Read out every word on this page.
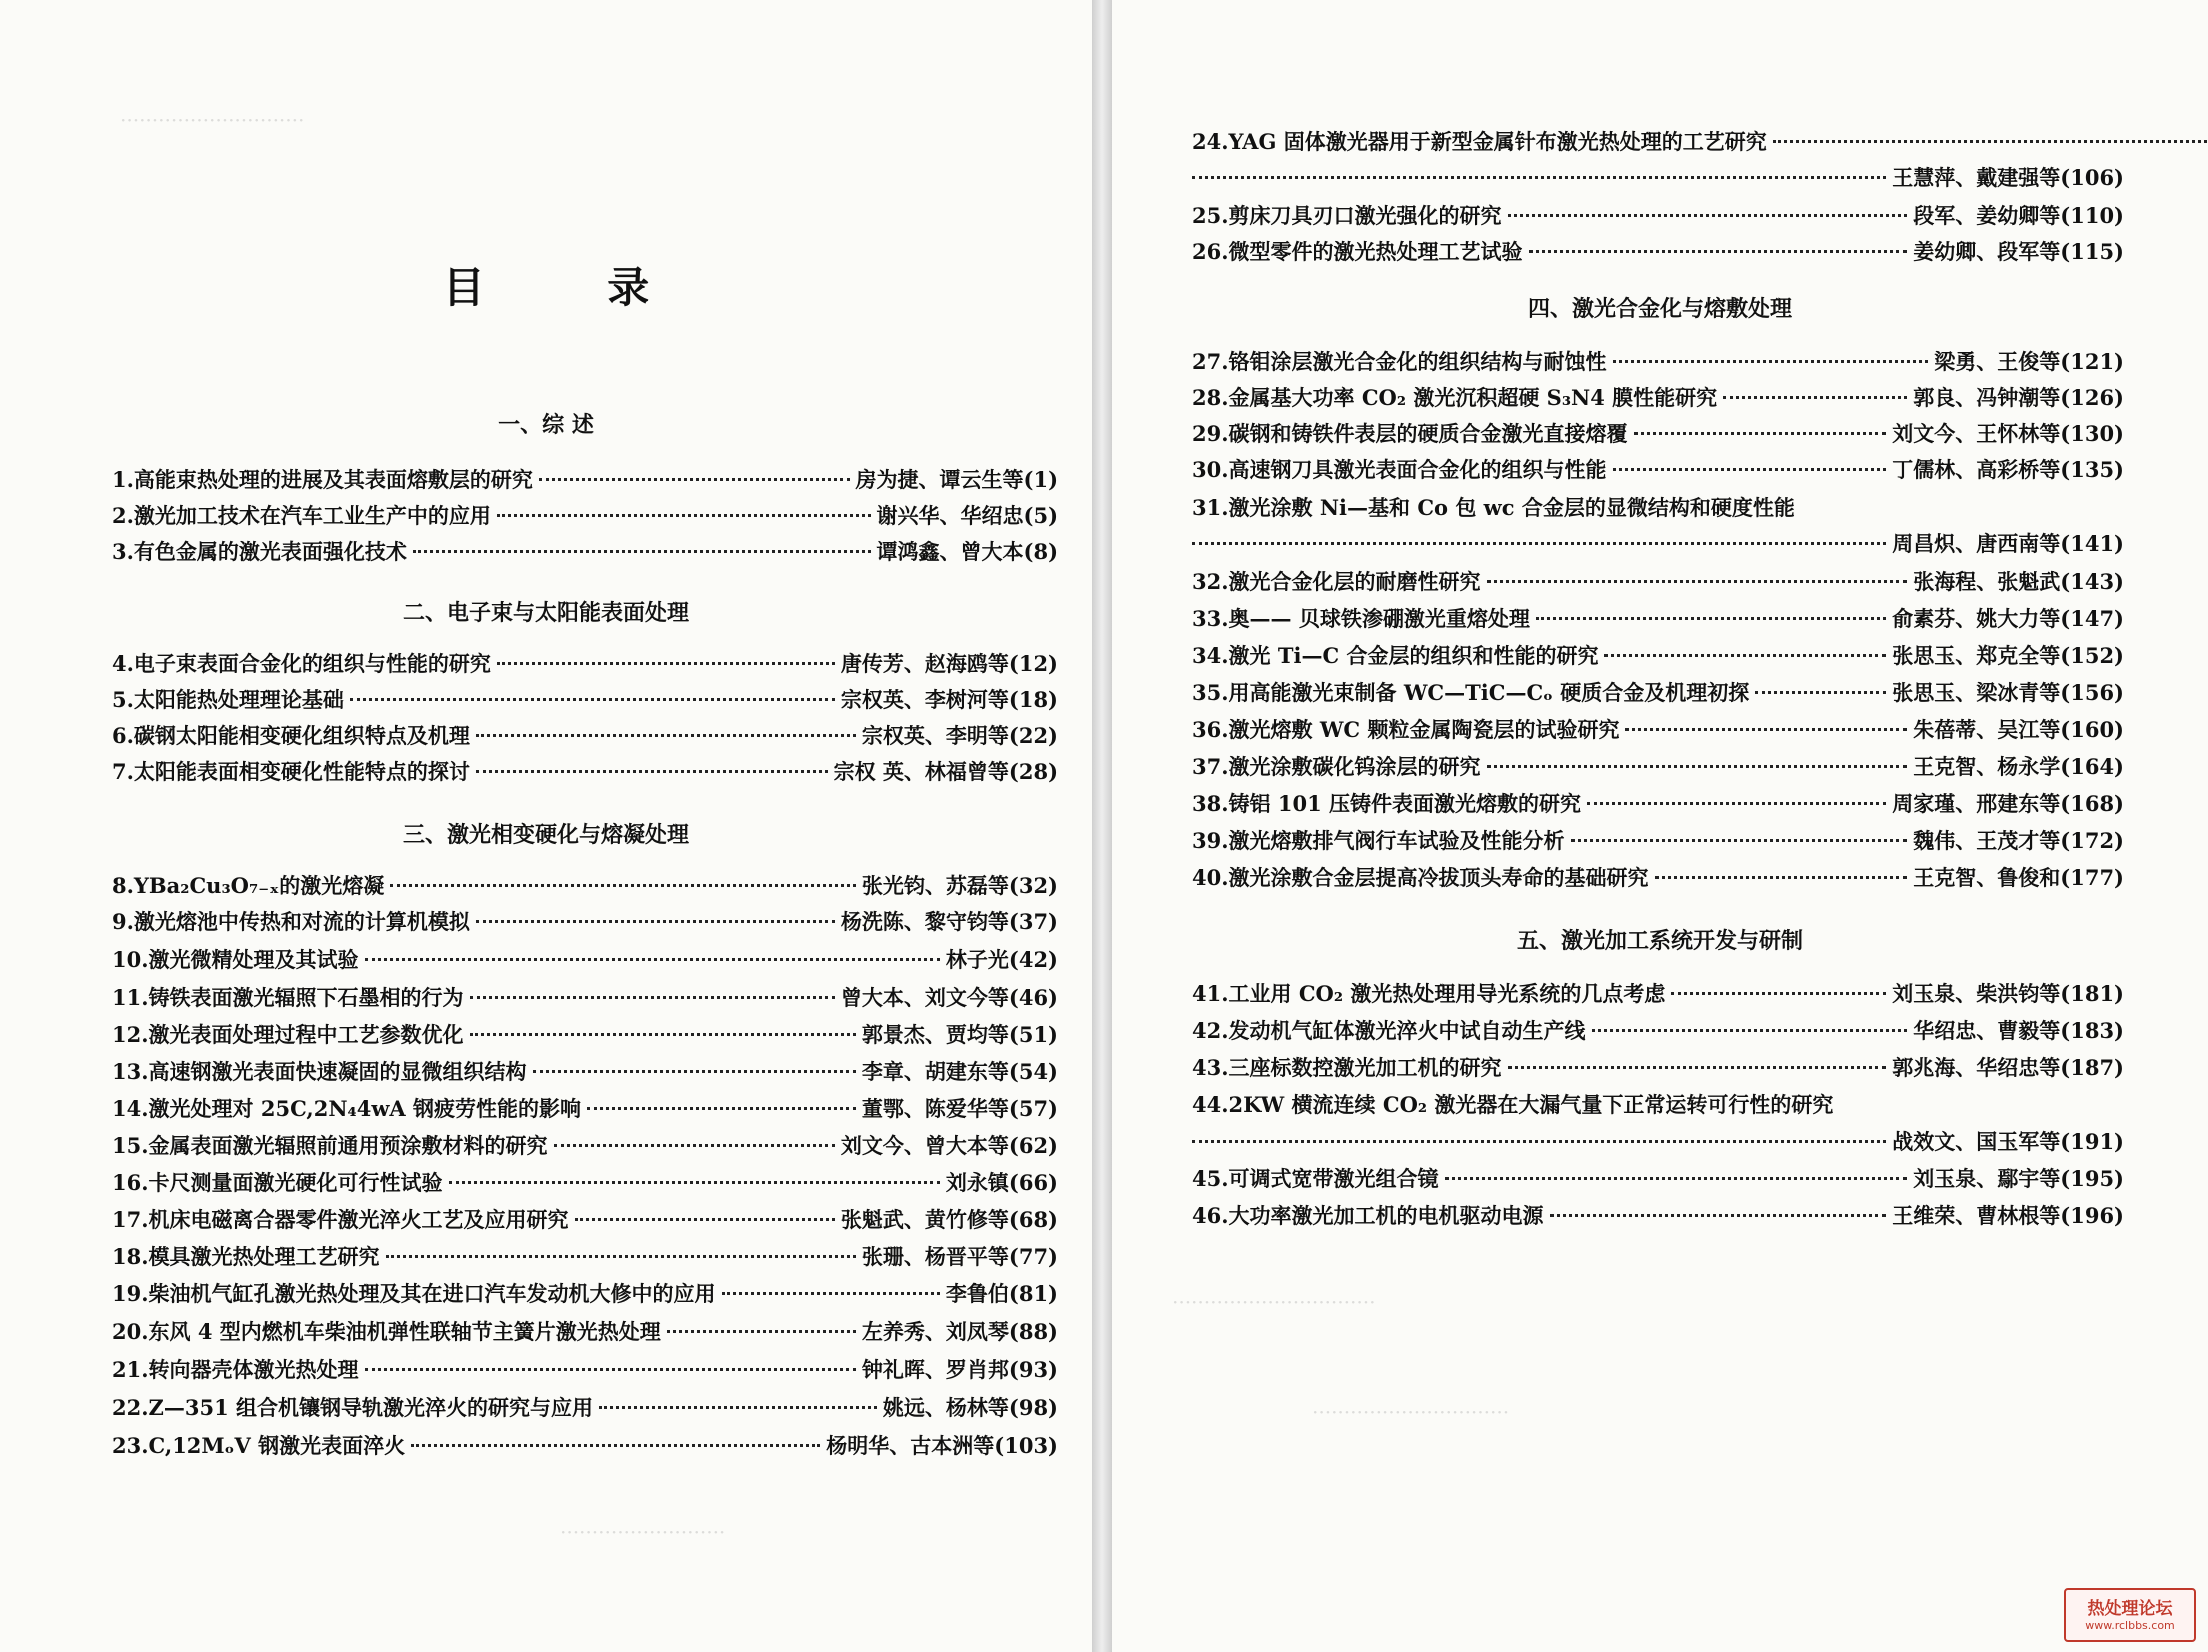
·····························
目 录
一、综 述
1.高能束热处理的进展及其表面熔敷层的研究	房为捷、谭云生等(1)
2.激光加工技术在汽车工业生产中的应用	谢兴华、华绍忠(5)
3.有色金属的激光表面强化技术	谭鸿鑫、曾大本(8)
二、电子束与太阳能表面处理
4.电子束表面合金化的组织与性能的研究	唐传芳、赵海鸥等(12)
5.太阳能热处理理论基础	宗权英、李树河等(18)
6.碳钢太阳能相变硬化组织特点及机理	宗权英、李明等(22)
7.太阳能表面相变硬化性能特点的探讨	宗权 英、林福曾等(28)
三、激光相变硬化与熔凝处理
8.YBa₂Cu₃O₇₋ₓ的激光熔凝	张光钧、苏磊等(32)
9.激光熔池中传热和对流的计算机模拟	杨洗陈、黎守钧等(37)
10.激光微精处理及其试验	林子光(42)
11.铸铁表面激光辐照下石墨相的行为	曾大本、刘文今等(46)
12.激光表面处理过程中工艺参数优化	郭景杰、贾均等(51)
13.高速钢激光表面快速凝固的显微组织结构	李章、胡建东等(54)
14.激光处理对 25C,2N₄4wA 钢疲劳性能的影响	董鄂、陈爱华等(57)
15.金属表面激光辐照前通用预涂敷材料的研究	刘文今、曾大本等(62)
16.卡尺测量面激光硬化可行性试验	刘永镇(66)
17.机床电磁离合器零件激光淬火工艺及应用研究	张魁武、黄竹修等(68)
18.模具激光热处理工艺研究	张珊、杨晋平等(77)
19.柴油机气缸孔激光热处理及其在进口汽车发动机大修中的应用	李鲁伯(81)
20.东风 4 型内燃机车柴油机弹性联轴节主簧片激光热处理	左养秀、刘凤琴(88)
21.转向器壳体激光热处理	钟礼晖、罗肖邦(93)
22.Z—351 组合机镶钢导轨激光淬火的研究与应用	姚远、杨林等(98)
23.C,12MₒV 钢激光表面淬火	杨明华、古本洲等(103)
··························
24.YAG 固体激光器用于新型金属针布激光热处理的工艺研究
王慧萍、戴建强等(106)
25.剪床刀具刃口激光强化的研究	段军、姜幼卿等(110)
26.微型零件的激光热处理工艺试验	姜幼卿、段军等(115)
四、激光合金化与熔敷处理
27.铬钼涂层激光合金化的组织结构与耐蚀性	梁勇、王俊等(121)
28.金属基大功率 CO₂ 激光沉积超硬 S₃N4 膜性能研究	郭良、冯钟潮等(126)
29.碳钢和铸铁件表层的硬质合金激光直接熔覆	刘文今、王怀林等(130)
30.高速钢刀具激光表面合金化的组织与性能	丁儒林、高彩桥等(135)
31.激光涂敷 Ni—基和 Co 包 wc 合金层的显微结构和硬度性能
周昌炽、唐西南等(141)
32.激光合金化层的耐磨性研究	张海程、张魁武(143)
33.奥—— 贝球铁渗硼激光重熔处理	俞素芬、姚大力等(147)
34.激光 Ti—C 合金层的组织和性能的研究	张思玉、郑克全等(152)
35.用高能激光束制备 WC—TiC—Cₒ 硬质合金及机理初探	张思玉、梁冰青等(156)
36.激光熔敷 WC 颗粒金属陶瓷层的试验研究	朱蓓蒂、吴江等(160)
37.激光涂敷碳化钨涂层的研究	王克智、杨永学(164)
38.铸铝 101 压铸件表面激光熔敷的研究	周家瑾、邢建东等(168)
39.激光熔敷排气阀行车试验及性能分析	魏伟、王茂才等(172)
40.激光涂敷合金层提高冷拔顶头寿命的基础研究	王克智、鲁俊和(177)
五、激光加工系统开发与研制
41.工业用 CO₂ 激光热处理用导光系统的几点考虑	刘玉泉、柴洪钧等(181)
42.发动机气缸体激光淬火中试自动生产线	华绍忠、曹毅等(183)
43.三座标数控激光加工机的研究	郭兆海、华绍忠等(187)
44.2KW 横流连续 CO₂ 激光器在大漏气量下正常运转可行性的研究
战效文、国玉军等(191)
45.可调式宽带激光组合镜	刘玉泉、鄢宇等(195)
46.大功率激光加工机的电机驱动电源	王维荣、曹林根等(196)
································
·······························
热处理论坛
www.rclbbs.com
